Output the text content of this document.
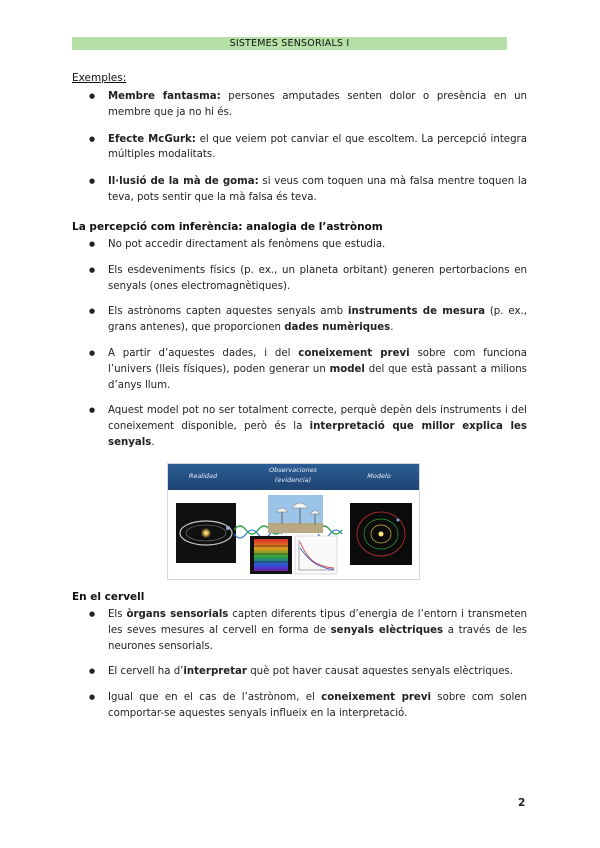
SISTEMES SENSORIALS I
Exemples:
● Membre fantasma: persones amputades senten dolor o presència en un membre que ja no hi és.
● Efecte McGurk: el que veiem pot canviar el que escoltem. La percepció integra múltiples modalitats.
● Il·lusió de la mà de goma: si veus com toquen una mà falsa mentre toquen la teva, pots sentir que la mà falsa és teva.
La percepció com inferència: analogia de l’astrònom
● No pot accedir directament als fenòmens que estudia.
● Els esdeveniments físics (p. ex., un planeta orbitant) generen pertorbacions en senyals (ones electromagnètiques).
● Els astrònoms capten aquestes senyals amb instruments de mesura (p. ex., grans antenes), que proporcionen dades numèriques.
● A partir d’aquestes dades, i del coneixement previ sobre com funciona l’univers (lleis físiques), poden generar un model del que està passant a milions d’anys llum.
● Aquest model pot no ser totalment correcte, perquè depèn dels instruments i del coneixement disponible, però és la interpretació que millor explica les senyals.
Realidad
Observaciones
(evidencia)	Modelo
En el cervell
● Els òrgans sensorials capten diferents tipus d’energia de l’entorn i transmeten les seves mesures al cervell en forma de senyals elèctriques a través de les neurones sensorials.
● El cervell ha d’interpretar què pot haver causat aquestes senyals elèctriques.
● Igual que en el cas de l’astrònom, el coneixement previ sobre com solen comportar-se aquestes senyals influeix en la interpretació.
2
